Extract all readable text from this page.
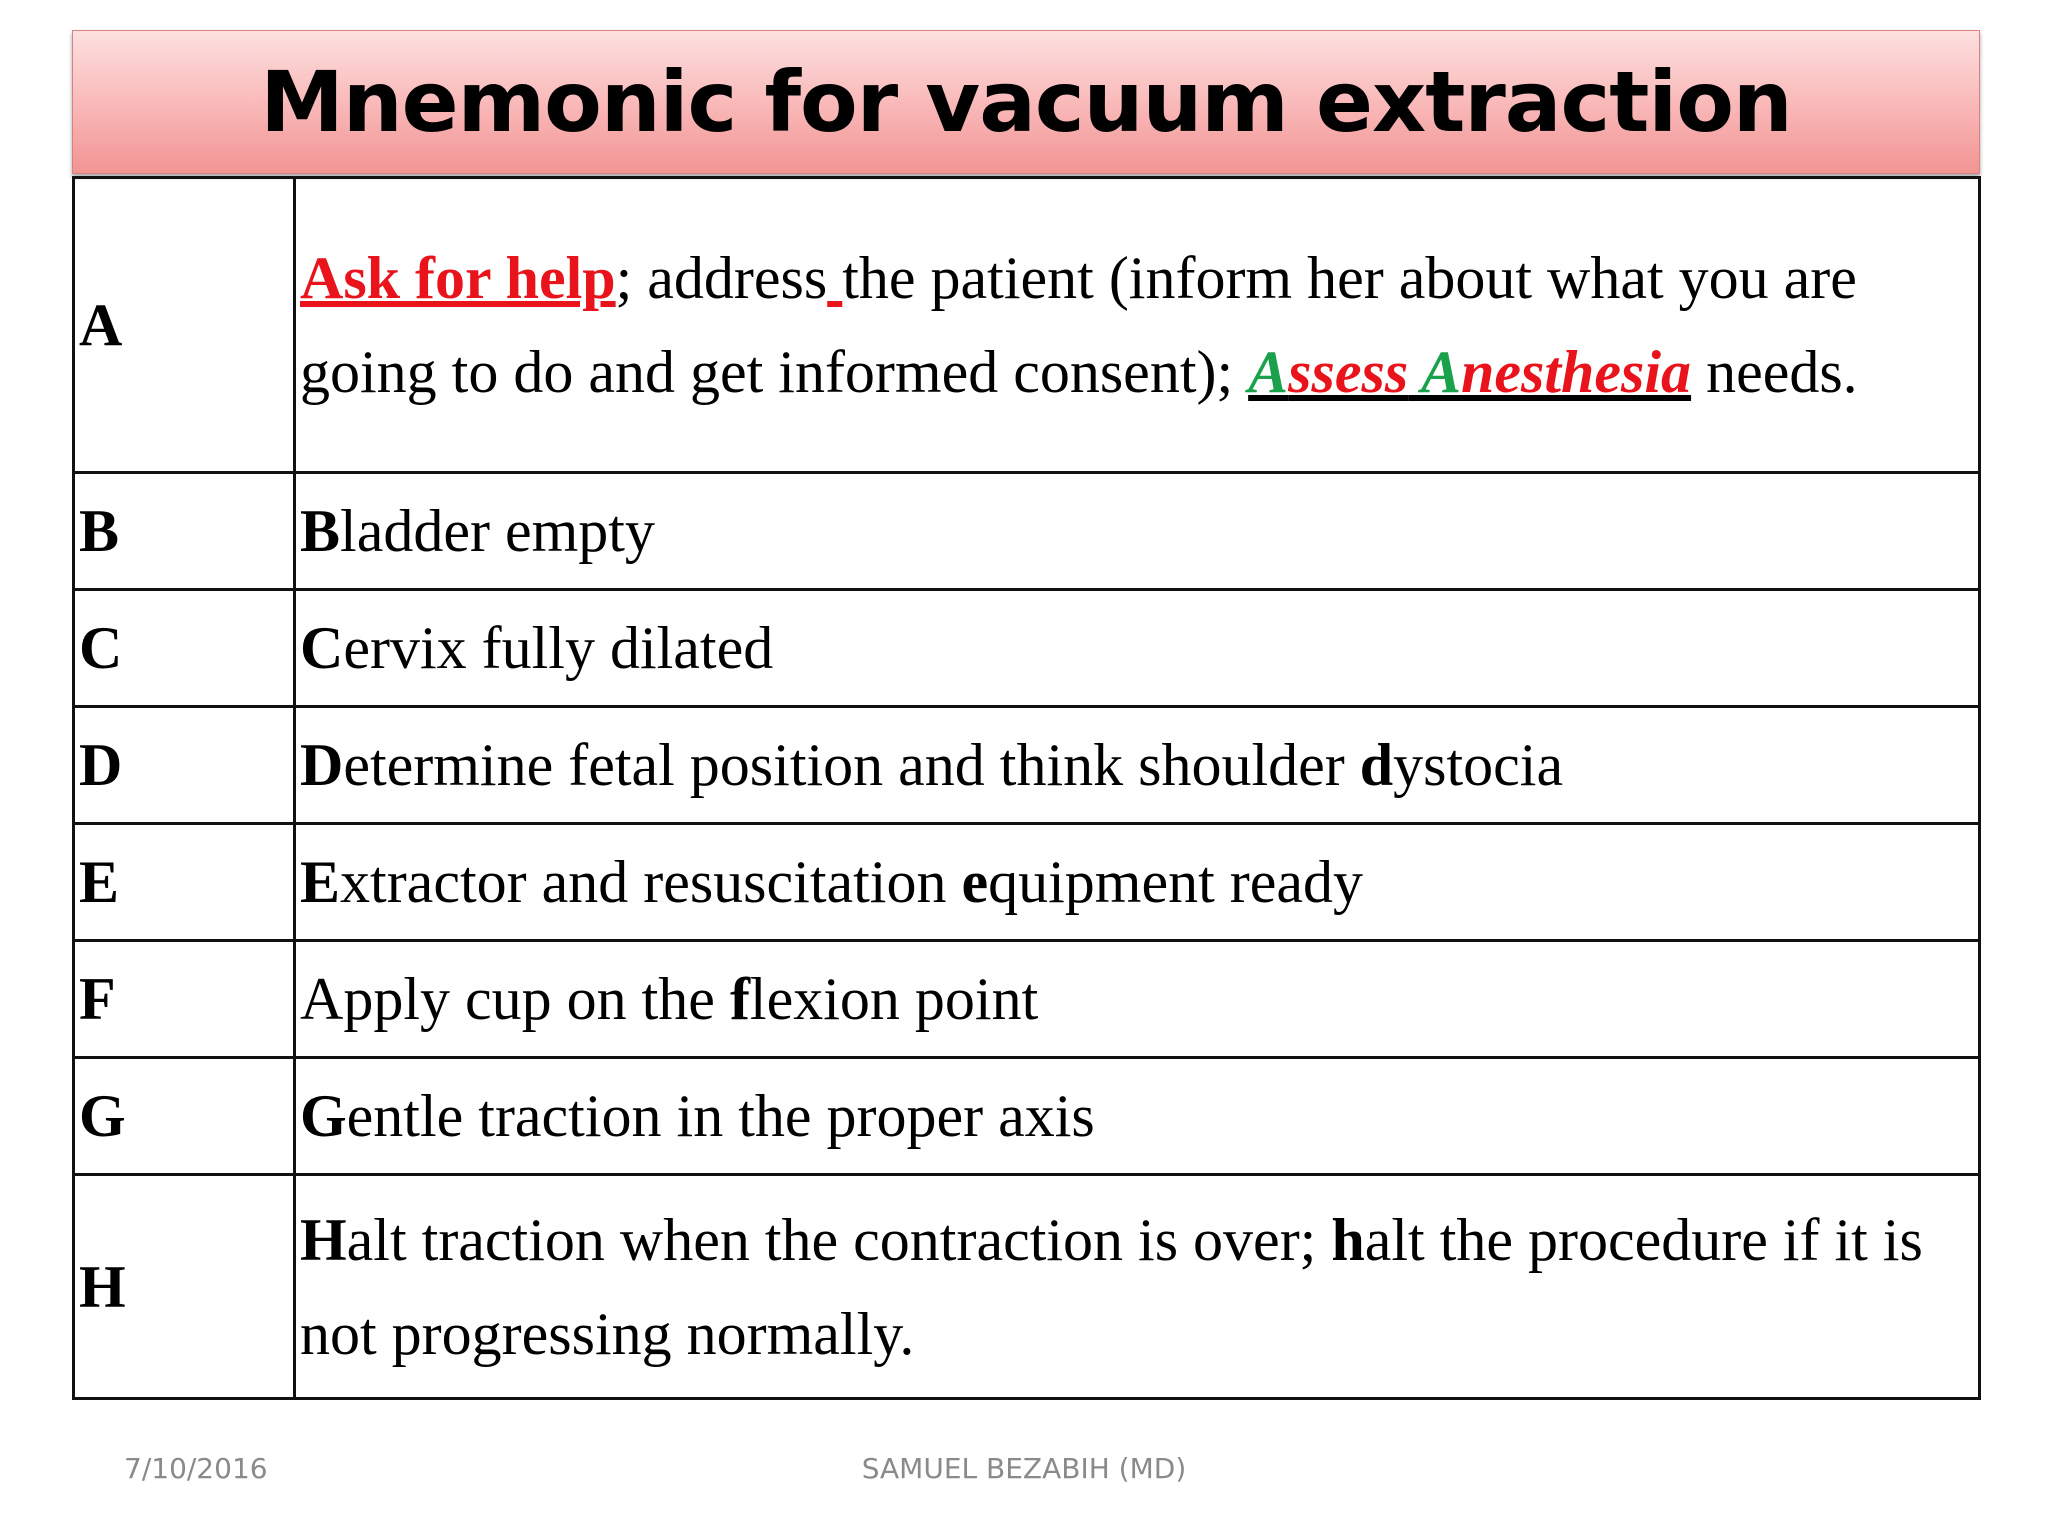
Mnemonic for vacuum extraction
A	Ask for help; address the patient (inform her about what you are going to do and get informed consent); Assess Anesthesia needs.
B	Bladder empty
C	Cervix fully dilated
D	Determine fetal position and think shoulder dystocia
E	Extractor and resuscitation equipment ready
F	Apply cup on the flexion point
G	Gentle traction in the proper axis
H	Halt traction when the contraction is over; halt the procedure if it is not progressing normally.
7/10/2016	SAMUEL BEZABIH (MD)
